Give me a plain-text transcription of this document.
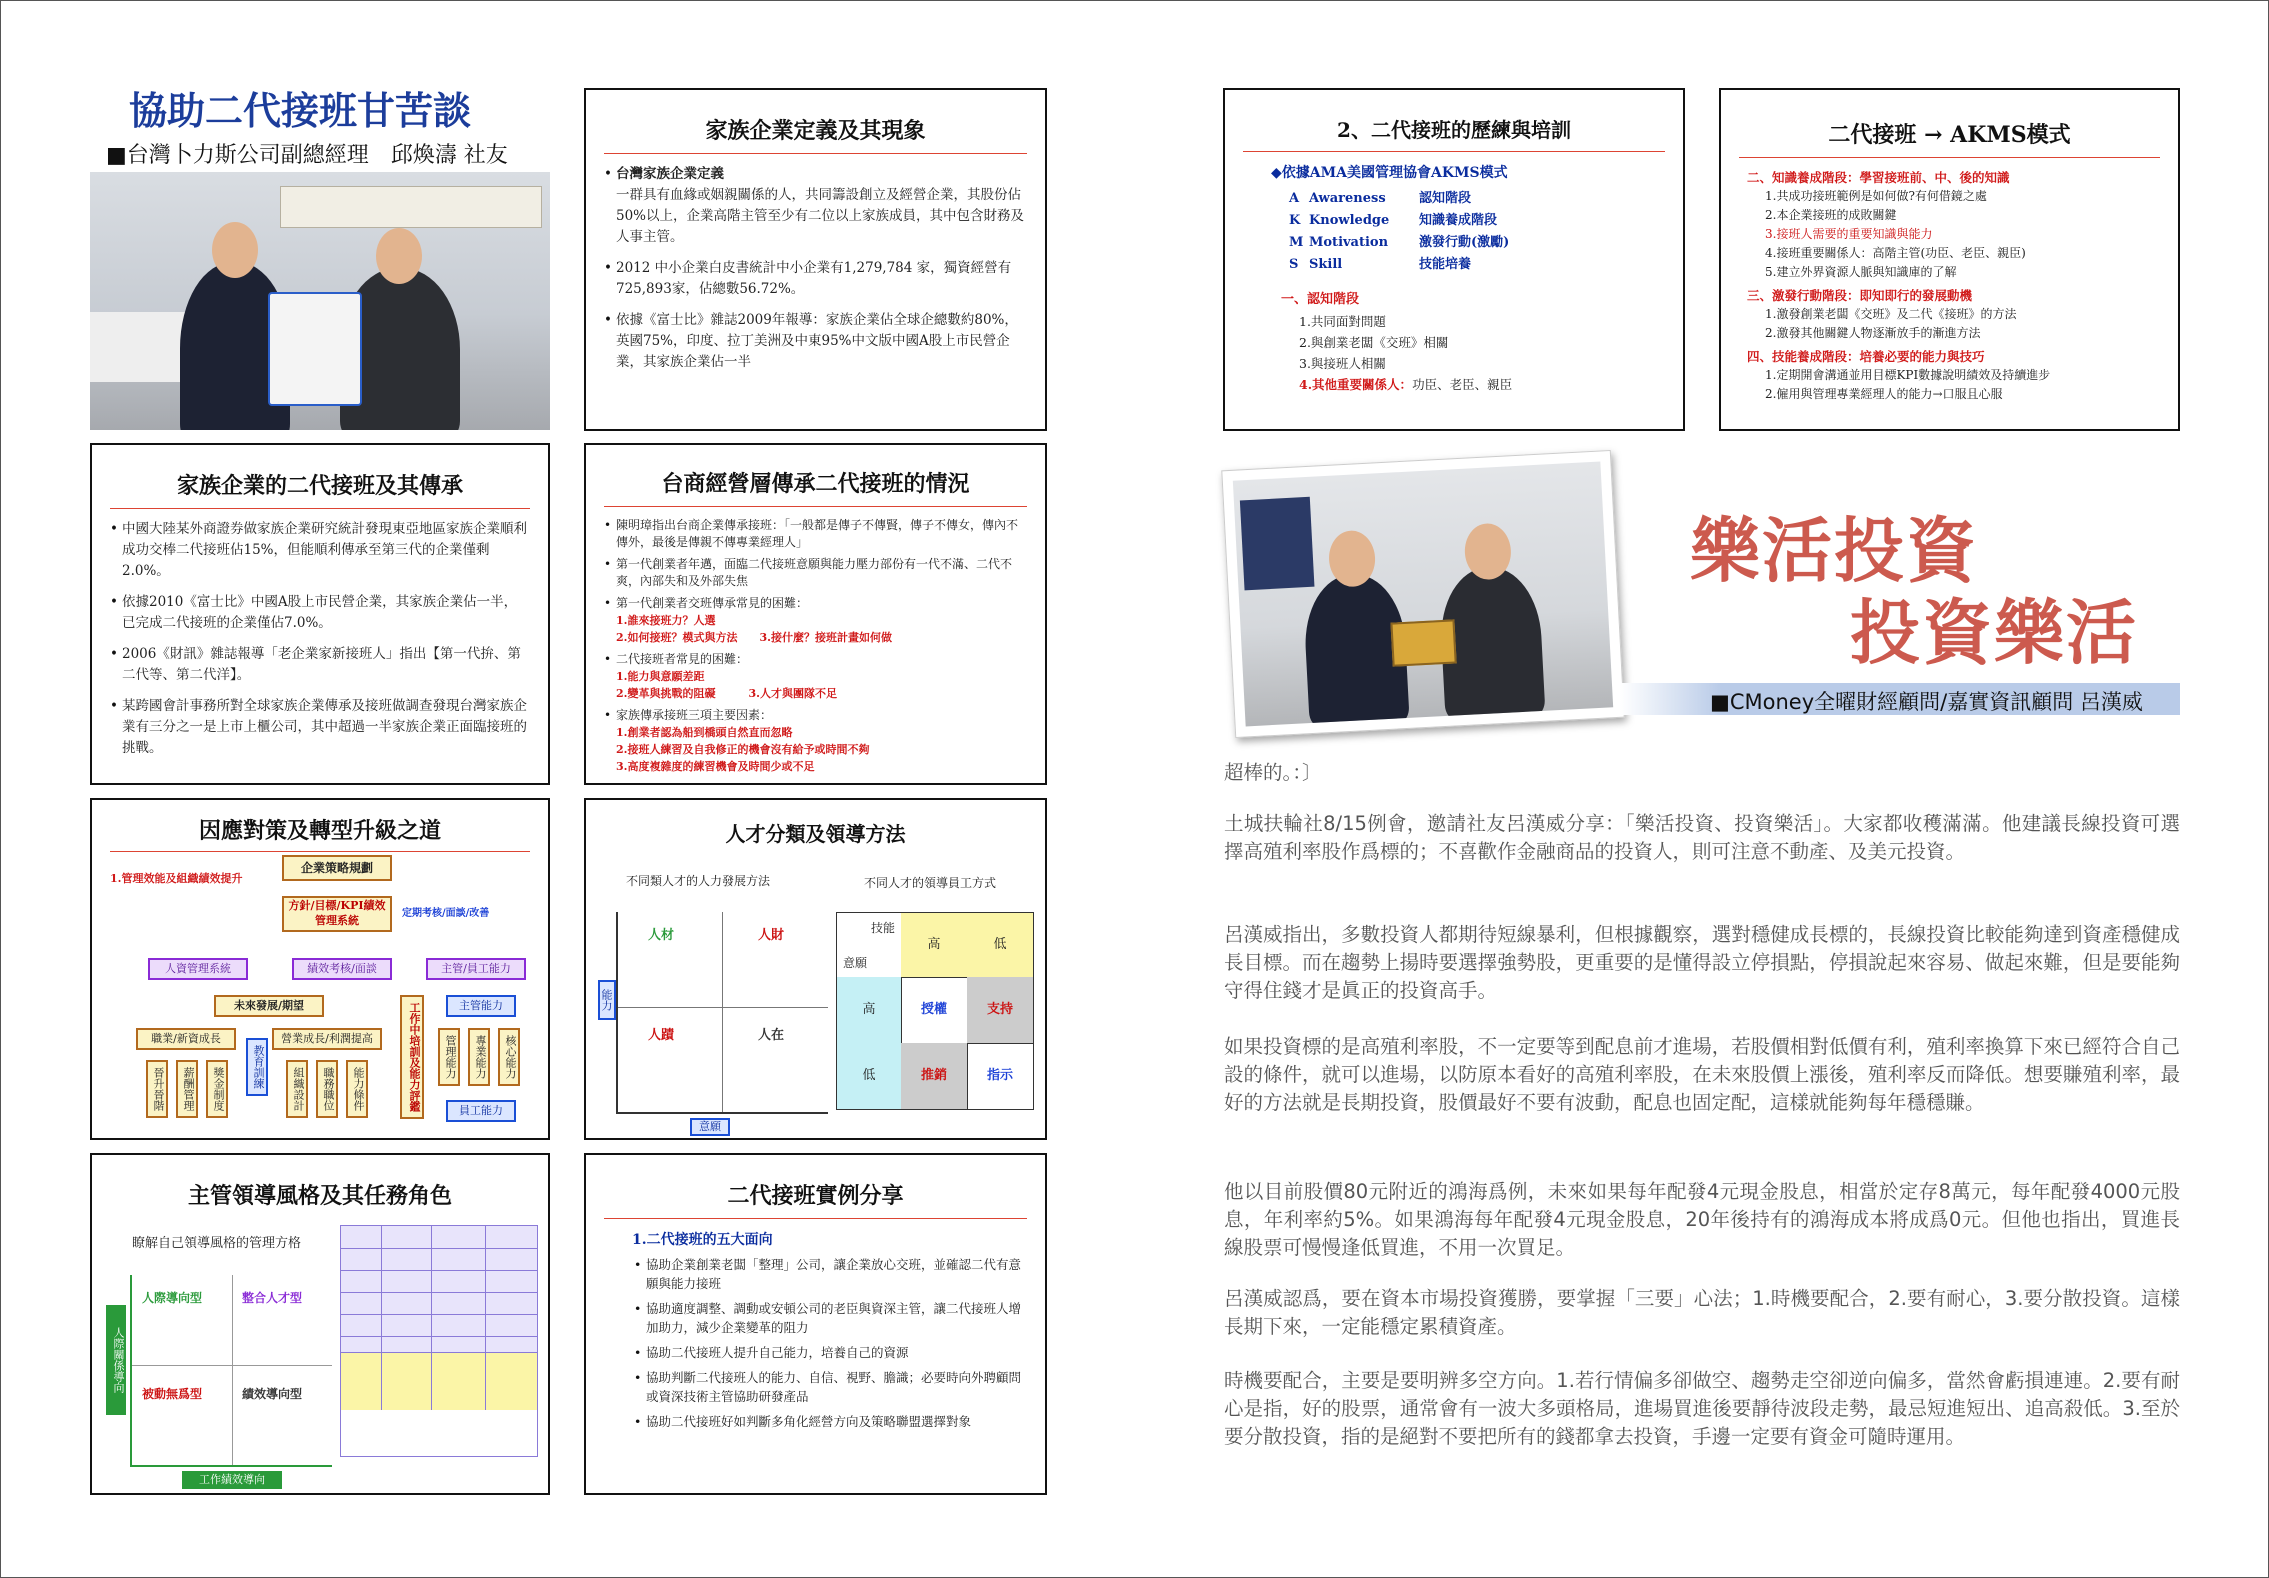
協助二代接班甘苦談
■台灣卜力斯公司副總經理　邱煥濤 社友
家族企業定義及其現象
• 台灣家族企業定義
一群具有血緣或姻親關係的人，共同籌設創立及經營企業，其股份佔50%以上，企業高階主管至少有二位以上家族成員，其中包含財務及人事主管。
• 2012 中小企業白皮書統計中小企業有1,279,784 家，獨資經營有725,893家，佔總數56.72%。
• 依據《富士比》雜誌2009年報導：家族企業佔全球企總數約80%，英國75%，印度、拉丁美洲及中東95%中文版中國A股上市民營企業，其家族企業佔一半
家族企業的二代接班及其傳承
• 中國大陸某外商證券做家族企業研究統計發現東亞地區家族企業順利成功交棒二代接班佔15%，但能順利傳承至第三代的企業僅剩2.0%。
• 依據2010《富士比》中國A股上市民營企業，其家族企業佔一半，已完成二代接班的企業僅佔7.0%。
• 2006《財訊》雜誌報導「老企業家新接班人」指出【第一代拚、第二代等、第二代洋】。
• 某跨國會計事務所對全球家族企業傳承及接班做調查發現台灣家族企業有三分之一是上市上櫃公司，其中超過一半家族企業正面臨接班的挑戰。
台商經營層傳承二代接班的情況
• 陳明璋指出台商企業傳承接班：「一般都是傳子不傳賢，傳子不傳女，傳內不傳外，最後是傳親不傳專業經理人」
• 第一代創業者年邁，面臨二代接班意願與能力壓力部份有一代不滿、二代不爽，內部失和及外部失焦
• 第一代創業者交班傳承常見的困難：
1.誰來接班力？人選
2.如何接班？模式與方法　　3.接什麼？接班計畫如何做
• 二代接班者常見的困難：
1.能力與意願差距
2.變革與挑戰的阻礙　　　3.人才與團隊不足
• 家族傳承接班三項主要因素：
1.創業者認為船到橋頭自然直而忽略
2.接班人練習及自我修正的機會沒有給予或時間不夠
3.高度複雜度的練習機會及時間少或不足
因應對策及轉型升級之道
1.管理效能及組織績效提升
企業策略規劃
方針/目標/KPI績效管理系統
定期考核/面談/改善
人資管理系統	績效考核/面談	主管/員工能力
未來發展/期望
職業/新資成長	營業成長/利潤提高
晉升晉階	薪酬管理	獎金制度	教育訓練	組織設計	職務職位	能力條件	工作中培訓及能力評鑑	主管能力
管理能力	專業能力	核心能力
員工能力
人才分類及領導方法
不同類人才的人力發展方法	不同人才的領導員工方式
人材	人財
人蹟	人在
能力
意願
技能
意願
高	低
高
低
授權	支持
推銷	指示
主管領導風格及其任務角色
瞭解自己領導風格的管理方格
人際導向型	整合人才型
被動無爲型	績效導向型
人際關係導向
工作績效導向
二代接班實例分享
1.二代接班的五大面向
• 協助企業創業老闆「整理」公司，讓企業放心交班，並確認二代有意願與能力接班
• 協助適度調整、調動或安頓公司的老臣與資深主管，讓二代接班人增加助力，減少企業變革的阻力
• 協助二代接班人提升自己能力，培養自己的資源
• 協助判斷二代接班人的能力、自信、視野、膽識；必要時向外聘顧問或資深技術主管協助研發產品
• 協助二代接班好如判斷多角化經營方向及策略聯盟選擇對象
2、二代接班的歷練與培訓
◆依據AMA美國管理協會AKMS模式
A Awareness	認知階段
K Knowledge 知識養成階段
M Motivation 激發行動(激勵)
S Skill	技能培養
一、認知階段
1.共同面對問題
2.與創業老闆《交班》相關
3.與接班人相關
4.其他重要關係人：功臣、老臣、親臣
二代接班 → AKMS模式
二、知識養成階段：學習接班前、中、後的知識
1.共成功接班範例是如何做?有何借鏡之處
2.本企業接班的成敗關鍵
3.接班人需要的重要知識與能力
4.接班重要關係人：高階主管(功臣、老臣、親臣)
5.建立外界資源人脈與知識庫的了解
三、激發行動階段：即知即行的發展動機
1.激發創業老闆《交班》及二代《接班》的方法
2.激發其他關鍵人物逐漸放手的漸進方法
四、技能養成階段：培養必要的能力與技巧
1.定期開會溝通並用目標KPI數據說明績效及持續進步
2.僱用與管理專業經理人的能力→口服且心服
樂活投資
投資樂活
■CMoney全曜財經顧問/嘉實資訊顧問 呂漢威

超棒的。：〕

土城扶輪社8/15例會，邀請社友呂漢威分享：「樂活投資、投資樂活」。大家都收穫滿滿。他建議長線投資可選擇高殖利率股作爲標的；不喜歡作金融商品的投資人，則可注意不動產、及美元投資。

呂漢威指出，多數投資人都期待短線暴利，但根據觀察，選對穩健成長標的，長線投資比較能夠達到資產穩健成長目標。而在趨勢上揚時要選擇強勢股，更重要的是懂得設立停損點，停損說起來容易、做起來難，但是要能夠守得住錢才是眞正的投資高手。

如果投資標的是高殖利率股，不一定要等到配息前才進場，若股價相對低價有利，殖利率換算下來已經符合自己設的條件，就可以進場，以防原本看好的高殖利率股，在未來股價上漲後，殖利率反而降低。想要賺殖利率，最好的方法就是長期投資，股價最好不要有波動，配息也固定配，這樣就能夠每年穩穩賺。

他以目前股價80元附近的鴻海爲例，未來如果每年配發4元現金股息，相當於定存8萬元，每年配發4000元股息，年利率約5%。如果鴻海每年配發4元現金股息，20年後持有的鴻海成本將成爲0元。但他也指出，買進長線股票可慢慢逢低買進，不用一次買足。

呂漢威認爲，要在資本市場投資獲勝，要掌握「三要」心法；1.時機要配合，2.要有耐心，3.要分散投資。這樣長期下來，一定能穩定累積資產。

時機要配合，主要是要明辨多空方向。1.若行情偏多卻做空、趨勢走空卻逆向偏多，當然會虧損連連。2.要有耐心是指，好的股票，通常會有一波大多頭格局，進場買進後要靜待波段走勢，最忌短進短出、追高殺低。3.至於要分散投資，指的是絕對不要把所有的錢都拿去投資，手邊一定要有資金可隨時運用。
